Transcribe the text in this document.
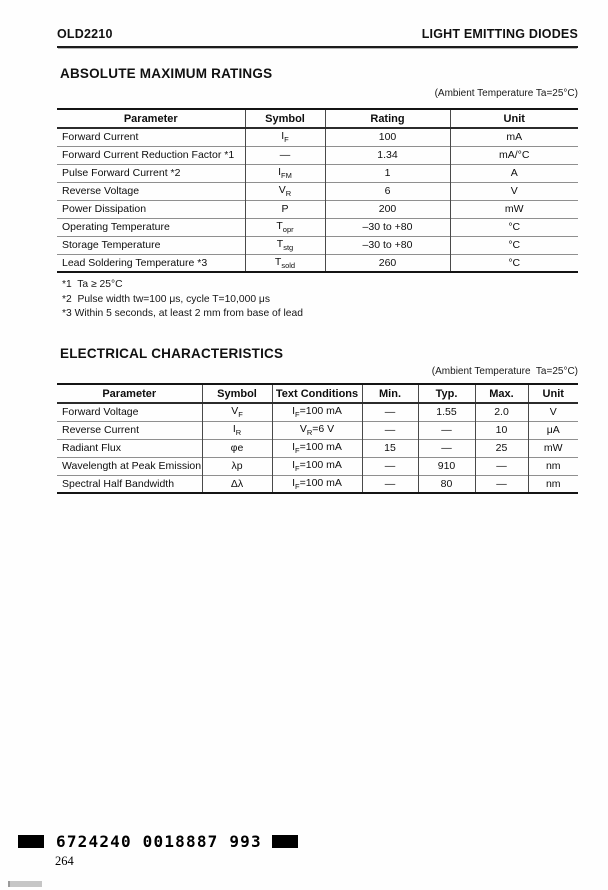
OLD2210	LIGHT EMITTING DIODES
ABSOLUTE MAXIMUM RATINGS
(Ambient Temperature Ta=25°C)
Parameter	Symbol	Rating	Unit
Forward Current	$I_F$	100	mA
Forward Current Reduction Factor *1	—	1.34	mA/°C
Pulse Forward Current *2	$I_{FM}$	1	A
Reverse Voltage	$V_R$	6	V
Power Dissipation	P	200	mW
Operating Temperature	$T_{opr}$	–30 to +80	°C
Storage Temperature	$T_{stg}$	–30 to +80	°C
Lead Soldering Temperature *3	$T_{sold}$	260	°C
*1  Ta ≥ 25°C
*2  Pulse width tw=100 μs, cycle T=10,000 μs
*3 Within 5 seconds, at least 2 mm from base of lead
ELECTRICAL CHARACTERISTICS
(Ambient Temperature  Ta=25°C)
Parameter	Symbol	Text Conditions	Min.	Typ.	Max.	Unit
Forward Voltage	$V_F$	$I_F=100$ mA	—	1.55	2.0	V
Reverse Current	$I_R$	$V_R=6$ V	—	—	10	μA
Radiant Flux	φe	$I_F=100$ mA	15	—	25	mW
Wavelength at Peak Emission	λp	$I_F=100$ mA	—	910	—	nm
Spectral Half Bandwidth	Δλ	$I_F=100$ mA	—	80	—	nm
6724240 0018887 993
264
